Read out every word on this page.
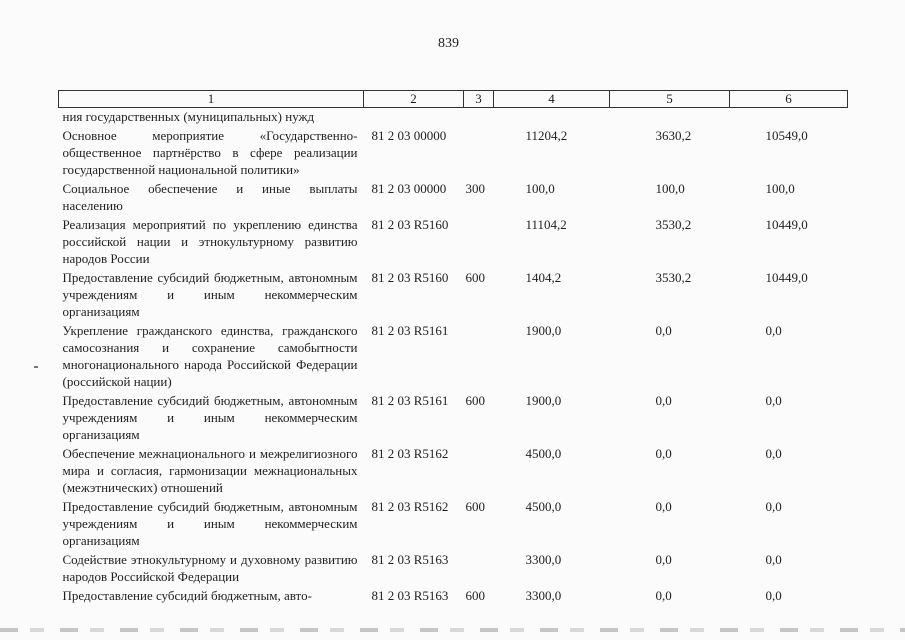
839
1	2	3	4	5	6
ния государственных (муниципальных) нужд					
Основное мероприятие «Государственно-общественное партнёрство в сфере реализации государственной национальной политики»	81 2 03 00000		11204,2	3630,2	10549,0
Социальное обеспечение и иные выплаты населению	81 2 03 00000	300	100,0	100,0	100,0
Реализация мероприятий по укреплению единства российской нации и этнокультурному развитию народов России	81 2 03 R5160		11104,2	3530,2	10449,0
Предоставление субсидий бюджетным, автономным учреждениям и иным некоммерческим организациям	81 2 03 R5160	600	1404,2	3530,2	10449,0
Укрепление гражданского единства, гражданского самосознания и сохранение самобытности многонационального народа Российской Федерации (российской нации)	81 2 03 R5161		1900,0	0,0	0,0
Предоставление субсидий бюджетным, автономным учреждениям и иным некоммерческим организациям	81 2 03 R5161	600	1900,0	0,0	0,0
Обеспечение межнационального и межрелигиозного мира и согласия, гармонизации межнациональных (межэтнических) отношений	81 2 03 R5162		4500,0	0,0	0,0
Предоставление субсидий бюджетным, автономным учреждениям и иным некоммерческим организациям	81 2 03 R5162	600	4500,0	0,0	0,0
Содействие этнокультурному и духовному развитию народов Российской Федерации	81 2 03 R5163		3300,0	0,0	0,0
Предоставление субсидий бюджетным, авто-	81 2 03 R5163	600	3300,0	0,0	0,0
